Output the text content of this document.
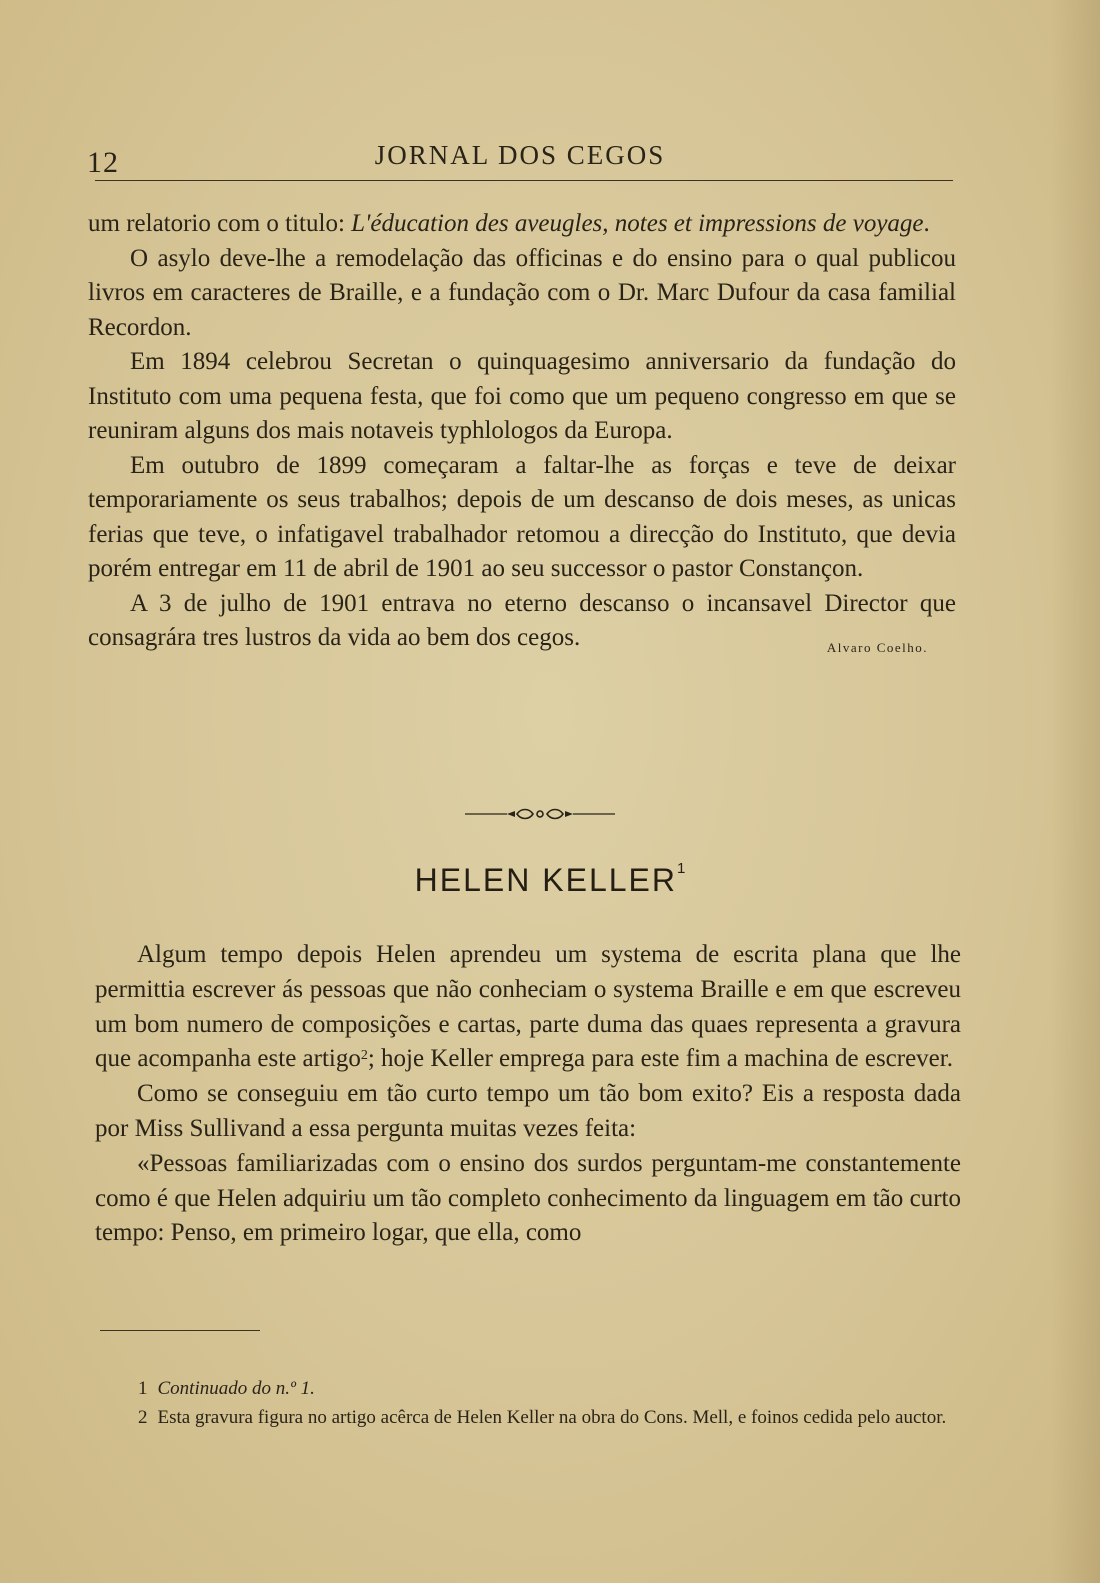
12	JORNAL DOS CEGOS

um relatorio com o titulo: L'éducation des aveugles, notes et impressions de voyage.

O asylo deve-lhe a remodelação das officinas e do ensino para o qual publicou livros em caracteres de Braille, e a fundação com o Dr. Marc Dufour da casa familial Recordon.

Em 1894 celebrou Secretan o quinquagesimo anniversario da fundação do Instituto com uma pequena festa, que foi como que um pequeno congresso em que se reuniram alguns dos mais notaveis typhlologos da Europa.

Em outubro de 1899 começaram a faltar-lhe as forças e teve de deixar temporariamente os seus trabalhos; depois de um descanso de dois meses, as unicas ferias que teve, o infatigavel trabalhador retomou a direcção do Instituto, que devia porém entregar em 11 de abril de 1901 ao seu successor o pastor Constançon.

A 3 de julho de 1901 entrava no eterno descanso o incansavel Director que consagrára tres lustros da vida ao bem dos cegos.	Alvaro Coelho.

HELEN KELLER$^1$

Algum tempo depois Helen aprendeu um systema de escrita plana que lhe permittia escrever ás pessoas que não conheciam o systema Braille e em que escreveu um bom numero de composições e cartas, parte duma das quaes representa a gravura que acompanha este artigo$^2$; hoje Keller emprega para este fim a machina de escrever.

Como se conseguiu em tão curto tempo um tão bom exito? Eis a resposta dada por Miss Sullivand a essa pergunta muitas vezes feita:

«Pessoas familiarizadas com o ensino dos surdos perguntam-me constantemente como é que Helen adquiriu um tão completo conhecimento da linguagem em tão curto tempo: Penso, em primeiro logar, que ella, como

1 Continuado do n.º 1.

2 Esta gravura figura no artigo acêrca de Helen Keller na obra do Cons. Mell, e foinos cedida pelo auctor.
